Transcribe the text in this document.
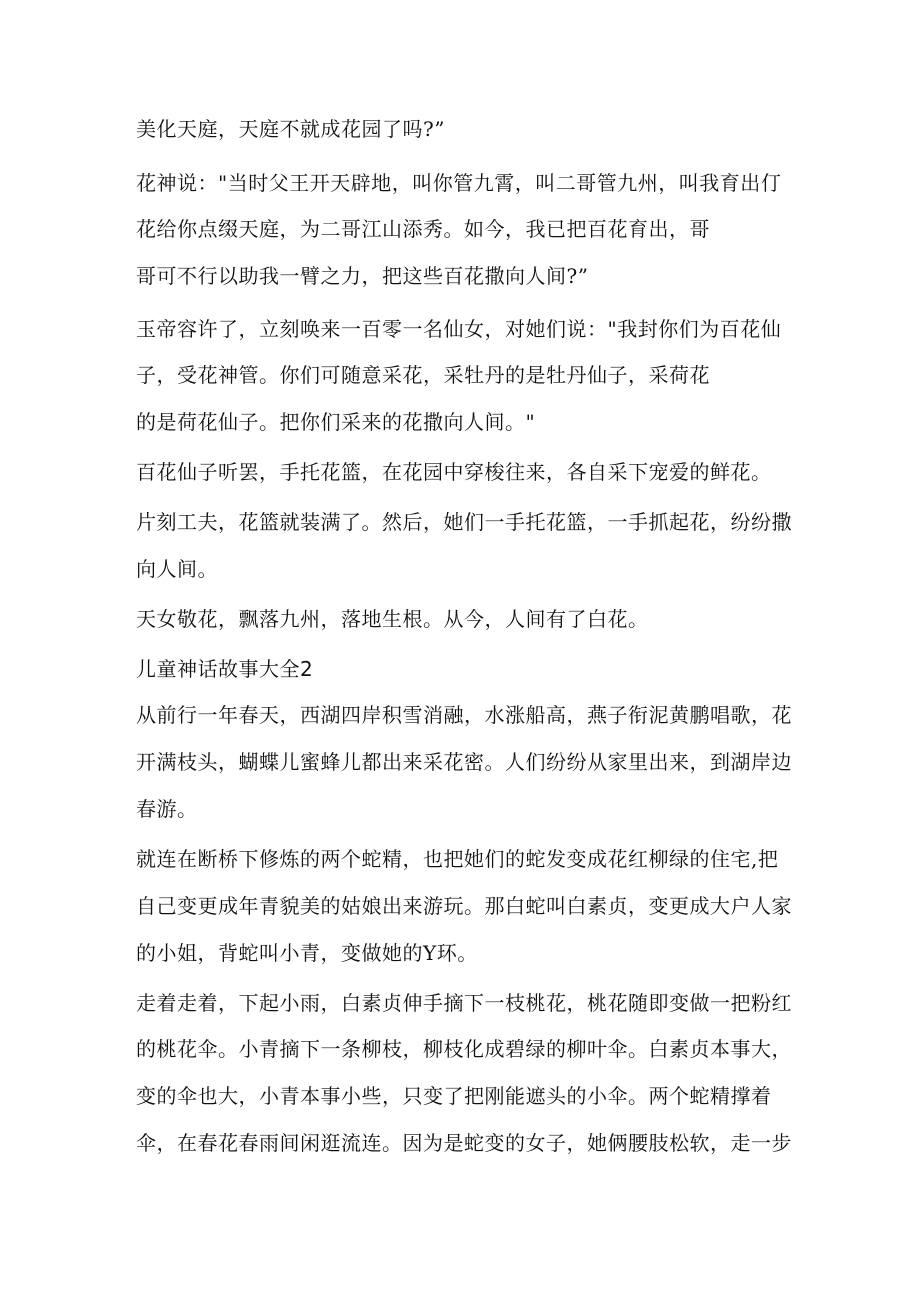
美化天庭，天庭不就成花园了吗?”

花神说："当时父王开天辟地，叫你管九霄，叫二哥管九州，叫我育出仃

花给你点缀天庭，为二哥江山添秀。如今，我已把百花育出，哥

哥可不行以助我一臂之力，把这些百花撒向人间?”

玉帝容许了，立刻唤来一百零一名仙女，对她们说："我封你们为百花仙

子，受花神管。你们可随意采花，采牡丹的是牡丹仙子，采荷花

的是荷花仙子。把你们采来的花撒向人间。"

百花仙子听罢，手托花篮，在花园中穿梭往来，各自采下宠爱的鲜花。

片刻工夫，花篮就装满了。然后，她们一手托花篮，一手抓起花，纷纷撒

向人间。

天女敬花，飘落九州，落地生根。从今，人间有了白花。

儿童神话故事大全2

从前行一年春天，西湖四岸积雪消融，水涨船高，燕子衔泥黄鹏唱歌，花

开满枝头，蝴蝶儿蜜蜂儿都出来采花密。人们纷纷从家里出来，到湖岸边

春游。

就连在断桥下修炼的两个蛇精，也把她们的蛇发变成花红柳绿的住宅,把

自己变更成年青貌美的姑娘出来游玩。那白蛇叫白素贞，变更成大户人家

的小姐，背蛇叫小青，变做她的Y环。

走着走着，下起小雨，白素贞伸手摘下一枝桃花，桃花随即变做一把粉红

的桃花伞。小青摘下一条柳枝，柳枝化成碧绿的柳叶伞。白素贞本事大，

变的伞也大，小青本事小些，只变了把刚能遮头的小伞。两个蛇精撑着

伞，在春花春雨间闲逛流连。因为是蛇变的女子，她俩腰肢松软，走一步
